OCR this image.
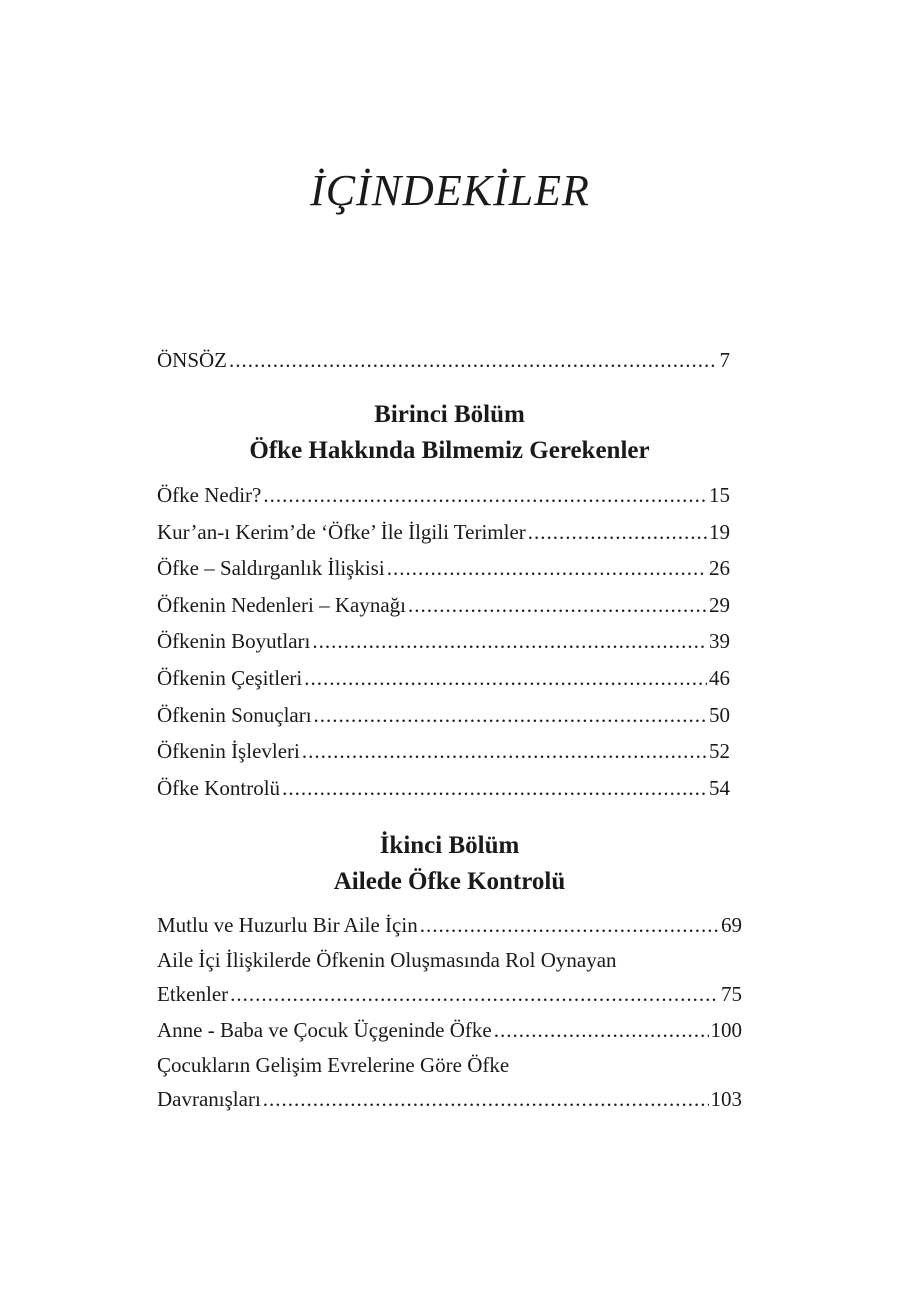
İÇİNDEKİLER
ÖNSÖZ .....	7
Birinci Bölüm
Öfke Hakkında Bilmemiz Gerekenler
Öfke Nedir? .....	15
Kur’an-ı Kerim’de ‘Öfke’ İle İlgili Terimler .....	19
Öfke – Saldırganlık İlişkisi .....	26
Öfkenin Nedenleri – Kaynağı .....	29
Öfkenin Boyutları .....	39
Öfkenin Çeşitleri .....	46
Öfkenin Sonuçları .....	50
Öfkenin İşlevleri .....	52
Öfke Kontrolü .....	54
İkinci Bölüm
Ailede Öfke Kontrolü
Mutlu ve Huzurlu Bir Aile İçin .....	69
Aile İçi İlişkilerde Öfkenin Oluşmasında Rol Oynayan
Etkenler .....	75
Anne - Baba ve Çocuk Üçgeninde Öfke .....	100
Çocukların Gelişim Evrelerine Göre Öfke
Davranışları .....	103
